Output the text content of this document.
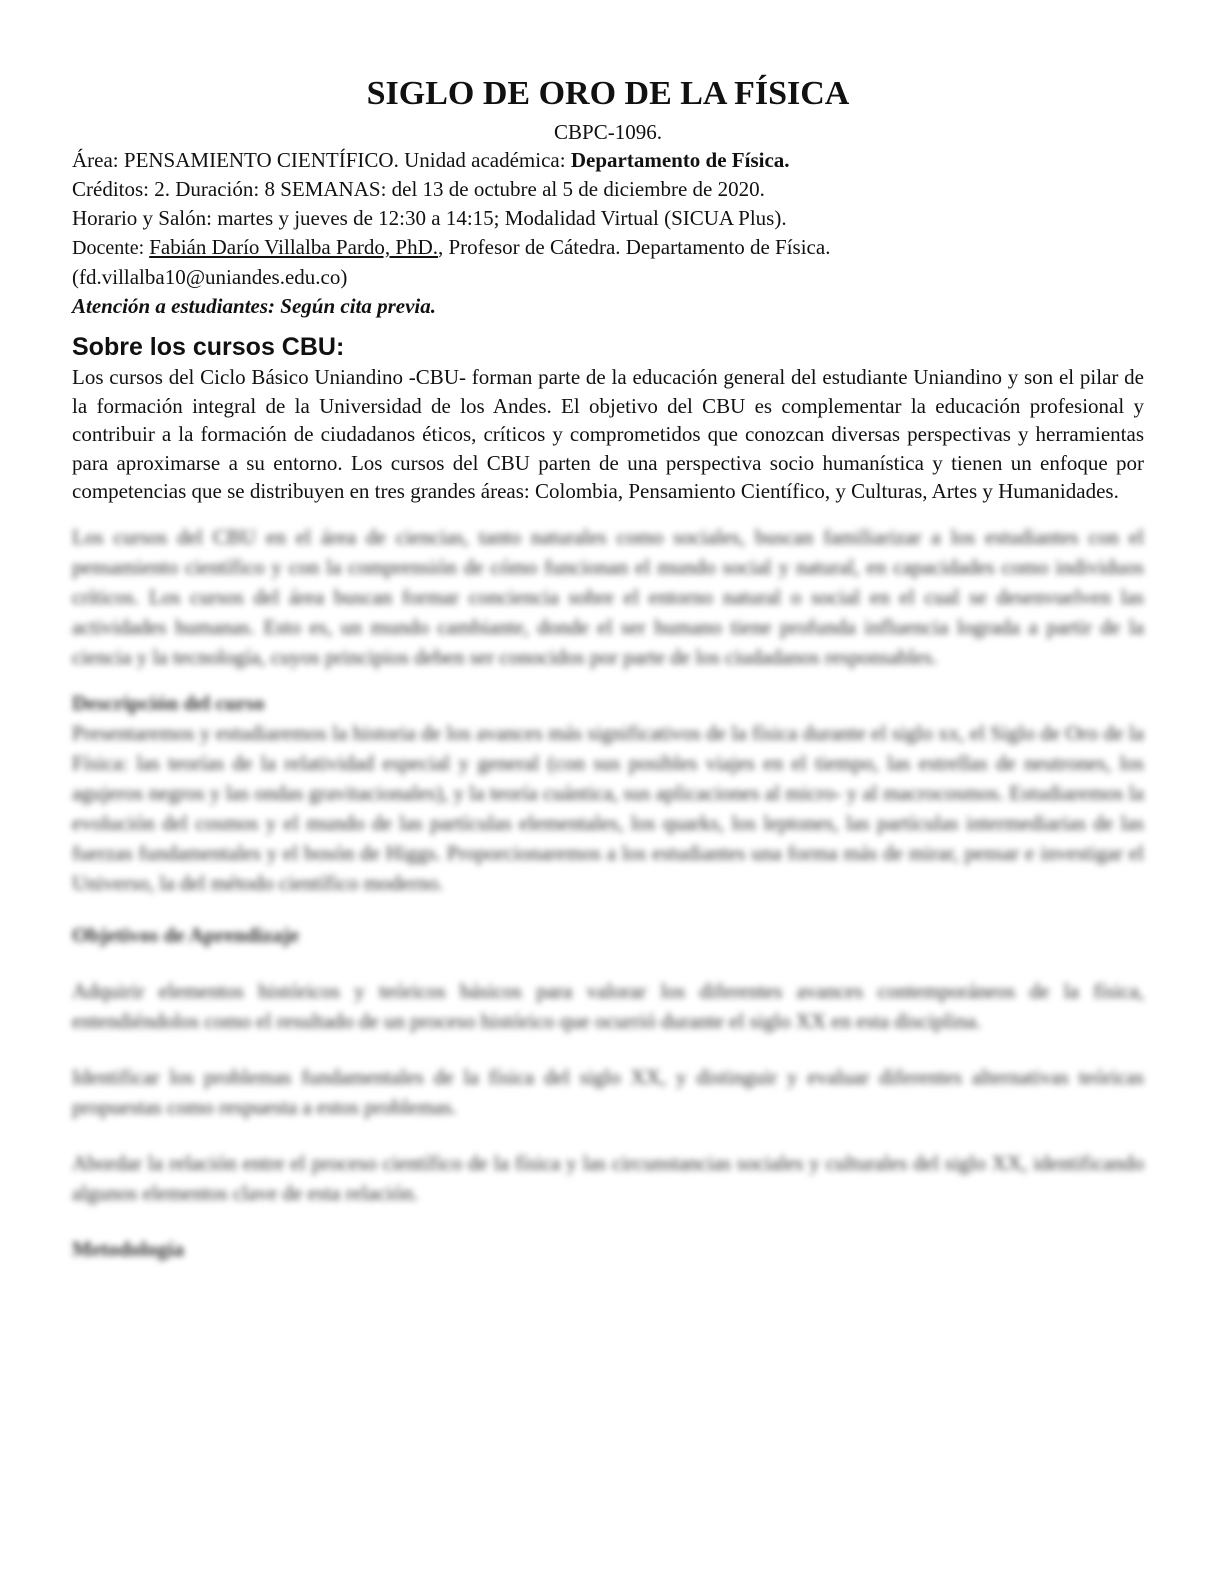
SIGLO DE ORO DE LA FÍSICA
CBPC-1096.
Área: PENSAMIENTO CIENTÍFICO. Unidad académica: Departamento de Física.
Créditos: 2. Duración: 8 SEMANAS: del 13 de octubre al 5 de diciembre de 2020.
Horario y Salón: martes y jueves de 12:30 a 14:15; Modalidad Virtual (SICUA Plus).
Docente: Fabián Darío Villalba Pardo, PhD., Profesor de Cátedra. Departamento de Física.
(fd.villalba10@uniandes.edu.co)
Atención a estudiantes: Según cita previa.
Sobre los cursos CBU:
Los cursos del Ciclo Básico Uniandino -CBU- forman parte de la educación general del estudiante Uniandino y son el pilar de la formación integral de la Universidad de los Andes. El objetivo del CBU es complementar la educación profesional y contribuir a la formación de ciudadanos éticos, críticos y comprometidos que conozcan diversas perspectivas y herramientas para aproximarse a su entorno. Los cursos del CBU parten de una perspectiva socio humanística y tienen un enfoque por competencias que se distribuyen en tres grandes áreas: Colombia, Pensamiento Científico, y Culturas, Artes y Humanidades.
Los cursos del CBU en el área de ciencias, tanto naturales como sociales, buscan familiarizar a los estudiantes con el pensamiento científico y con la comprensión de cómo funcionan el mundo social y natural, en capacidades como individuos críticos. Los cursos del área buscan formar conciencia sobre el entorno natural o social en el cual se desenvuelven las actividades humanas. Esto es, un mundo cambiante, donde el ser humano tiene profunda influencia lograda a partir de la ciencia y la tecnología, cuyos principios deben ser conocidos por parte de los ciudadanos responsables.
Descripción del curso
Presentaremos y estudiaremos la historia de los avances más significativos de la física durante el siglo xx, el Siglo de Oro de la Física: las teorías de la relatividad especial y general (con sus posibles viajes en el tiempo, las estrellas de neutrones, los agujeros negros y las ondas gravitacionales), y la teoría cuántica, sus aplicaciones al micro- y al macrocosmos. Estudiaremos la evolución del cosmos y el mundo de las partículas elementales, los quarks, los leptones, las partículas intermediarias de las fuerzas fundamentales y el bosón de Higgs. Proporcionaremos a los estudiantes una forma más de mirar, pensar e investigar el Universo, la del método científico moderno.
Objetivos de Aprendizaje
Adquirir elementos históricos y teóricos básicos para valorar los diferentes avances contemporáneos de la física, entendiéndolos como el resultado de un proceso histórico que ocurrió durante el siglo XX en esta disciplina.
Identificar los problemas fundamentales de la física del siglo XX, y distinguir y evaluar diferentes alternativas teóricas propuestas como respuesta a estos problemas.
Abordar la relación entre el proceso científico de la física y las circunstancias sociales y culturales del siglo XX, identificando algunos elementos clave de esta relación.
Metodología
